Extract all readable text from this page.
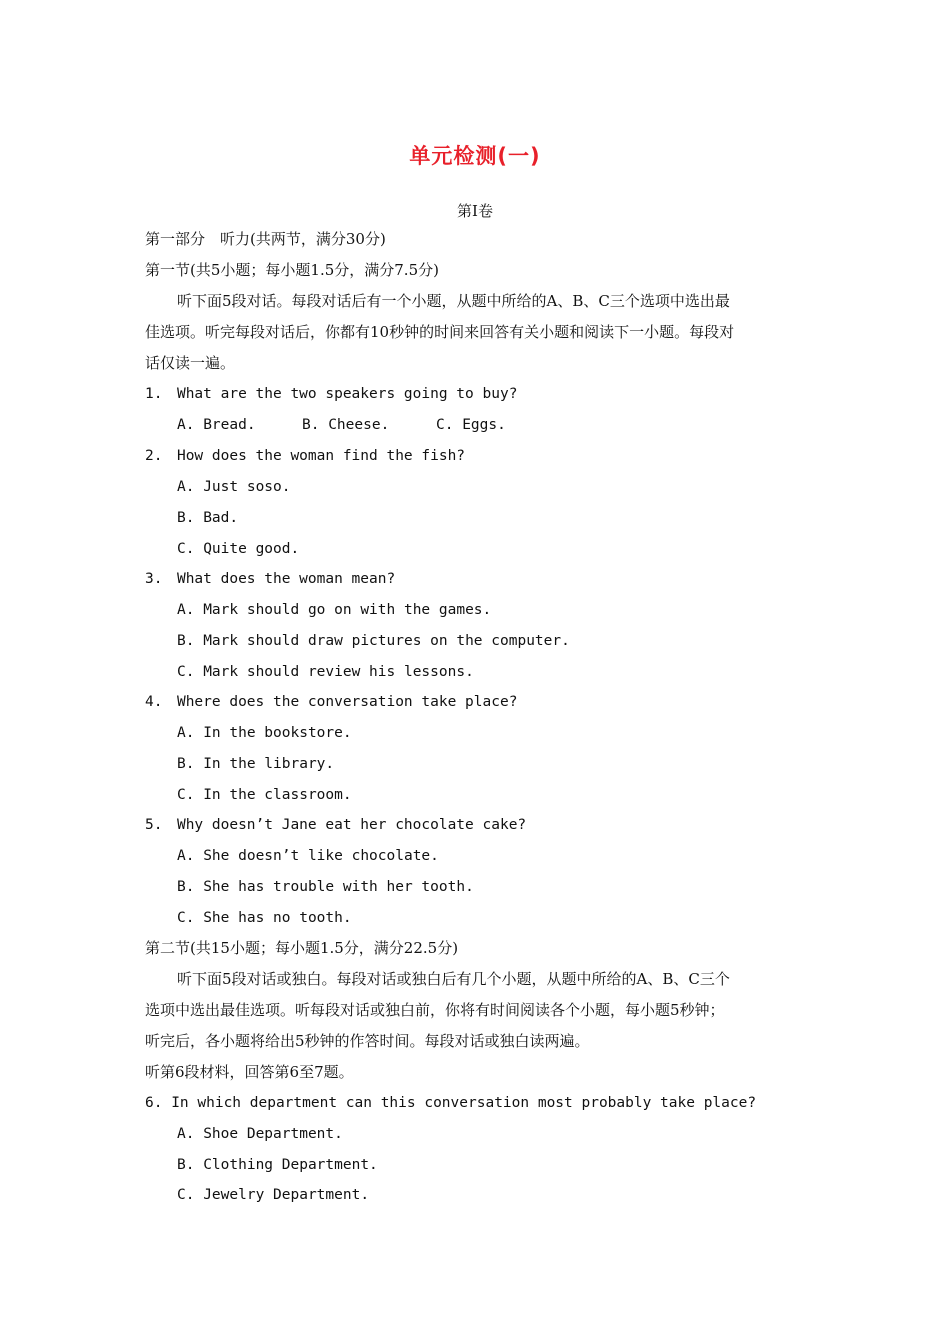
单元检测(一)
第Ⅰ卷
第一部分　听力(共两节，满分30分)
第一节(共5小题；每小题1.5分，满分7.5分)
听下面5段对话。每段对话后有一个小题，从题中所给的A、B、C三个选项中选出最
佳选项。听完每段对话后，你都有10秒钟的时间来回答有关小题和阅读下一小题。每段对
话仅读一遍。
1.　What are the two speakers going to buy?
A. Bread.	B. Cheese.	C. Eggs.
2.　How does the woman find the fish?
A. Just soso.
B. Bad.
C. Quite good.
3.　What does the woman mean?
A. Mark should go on with the games.
B. Mark should draw pictures on the computer.
C. Mark should review his lessons.
4.　Where does the conversation take place?
A. In the bookstore.
B. In the library.
C. In the classroom.
5.　Why doesn’t Jane eat her chocolate cake?
A. She doesn’t like chocolate.
B. She has trouble with her tooth.
C. She has no tooth.
第二节(共15小题；每小题1.5分，满分22.5分)
听下面5段对话或独白。每段对话或独白后有几个小题，从题中所给的A、B、C三个
选项中选出最佳选项。听每段对话或独白前，你将有时间阅读各个小题，每小题5秒钟；
听完后，各小题将给出5秒钟的作答时间。每段对话或独白读两遍。
听第6段材料，回答第6至7题。
6. In which department can this conversation most probably take place?
A. Shoe Department.
B. Clothing Department.
C. Jewelry Department.
